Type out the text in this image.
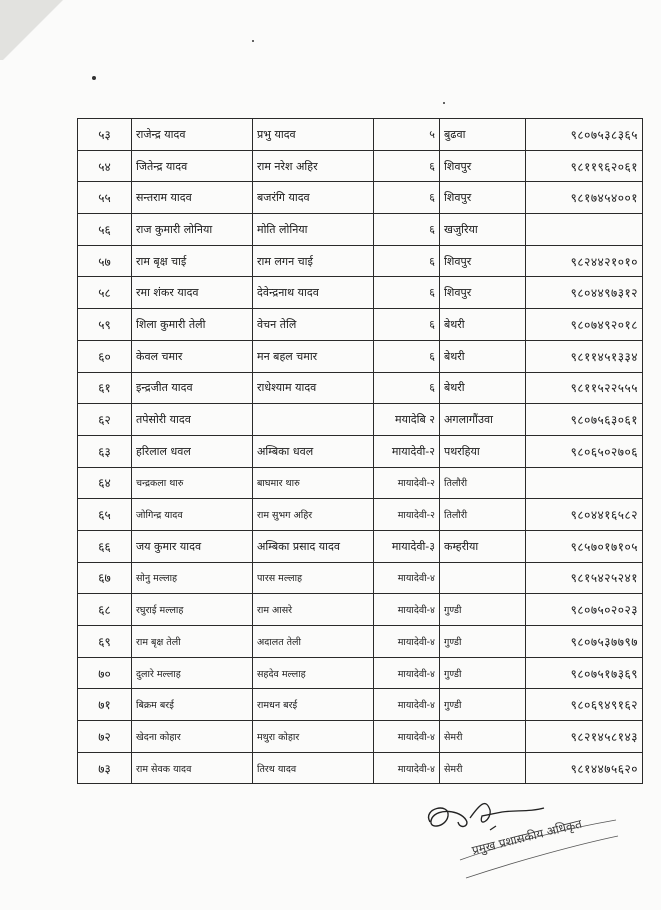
५३	राजेन्द्र यादव	प्रभु यादव	५	बुढवा	९८०७५३८३६५
५४	जितेन्द्र यादव	राम नरेश अहिर	६	शिवपुर	९८११९६२०६१
५५	सन्तराम यादव	बजरंगि यादव	६	शिवपुर	९८१७४५४००१
५६	राज कुमारी लोनिया	मोति लोनिया	६	खजुरिया	
५७	राम बृक्ष चाई	राम लगन चाई	६	शिवपुर	९८२४४२१०१०
५८	रमा शंकर यादव	देवेन्द्रनाथ यादव	६	शिवपुर	९८०४४९७३१२
५९	शिला कुमारी तेली	वेचन तेलि	६	बेथरी	९८०७४९२०१८
६०	केवल चमार	मन बहल चमार	६	बेथरी	९८११४५१३३४
६१	इन्द्रजीत यादव	राधेश्याम यादव	६	बेथरी	९८११५२२५५५
६२	तपेसोरी यादव		मयादेबि २	अगलागौंउवा	९८०७५६३०६१
६३	हरिलाल धवल	अम्बिका धवल	मायादेवी-२	पथरहिया	९८०६५०२७०६
६४	चन्द्रकला थारु	बाघमार थारु	मायादेवी-२	तिलौरी	
६५	जोगिन्द्र यादव	राम सुभग अहिर	मायादेवी-२	तिलौरी	९८०४४१६५८२
६६	जय कुमार यादव	अम्बिका प्रसाद यादव	मायादेवी-३	कम्हरीया	९८५७०१७१०५
६७	सोनु मल्लाह	पारस मल्लाह	मायादेवी-४		९८१५४२५२४१
६८	रघुराई मल्लाह	राम आसरे	मायादेवी-४	गुण्डी	९८०७५०२०२३
६९	राम बृक्ष तेली	अदालत तेली	मायादेवी-४	गुण्डी	९८०७५३७७९७
७०	दुलारे मल्लाह	सहदेव मल्लाह	मायादेवी-४	गुण्डी	९८०७५१७३६९
७१	बिक्रम बरई	रामधन बरई	मायादेवी-४	गुण्डी	९८०६९४९१६२
७२	खेदना कोहार	मथुरा कोहार	मायादेवी-४	सेमरी	९८२१४५८१४३
७३	राम सेवक यादव	तिरथ यादव	मायादेवी-४	सेमरी	९८१४४७५६२०
प्रमुख प्रशासकीय अधिकृत
